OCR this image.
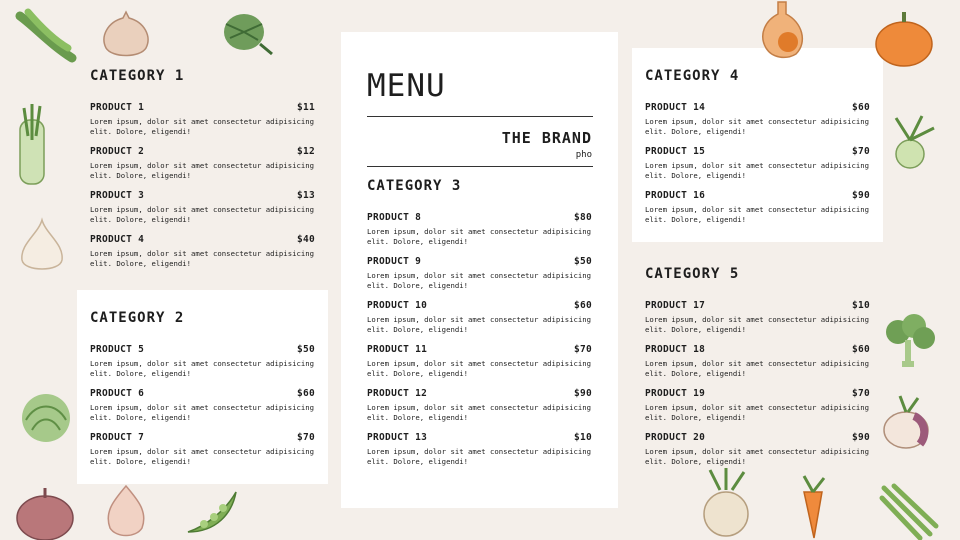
MENU
THE BRAND
pho
CATEGORY 1
PRODUCT 1	$11
Lorem ipsum, dolor sit amet consectetur adipisicing elit. Dolore, eligendi!
PRODUCT 2	$12
Lorem ipsum, dolor sit amet consectetur adipisicing elit. Dolore, eligendi!
PRODUCT 3	$13
Lorem ipsum, dolor sit amet consectetur adipisicing elit. Dolore, eligendi!
PRODUCT 4	$40
Lorem ipsum, dolor sit amet consectetur adipisicing elit. Dolore, eligendi!
CATEGORY 2
PRODUCT 5	$50
Lorem ipsum, dolor sit amet consectetur adipisicing elit. Dolore, eligendi!
PRODUCT 6	$60
Lorem ipsum, dolor sit amet consectetur adipisicing elit. Dolore, eligendi!
PRODUCT 7	$70
Lorem ipsum, dolor sit amet consectetur adipisicing elit. Dolore, eligendi!
CATEGORY 3
PRODUCT 8	$80
Lorem ipsum, dolor sit amet consectetur adipisicing elit. Dolore, eligendi!
PRODUCT 9	$50
Lorem ipsum, dolor sit amet consectetur adipisicing elit. Dolore, eligendi!
PRODUCT 10	$60
Lorem ipsum, dolor sit amet consectetur adipisicing elit. Dolore, eligendi!
PRODUCT 11	$70
Lorem ipsum, dolor sit amet consectetur adipisicing elit. Dolore, eligendi!
PRODUCT 12	$90
Lorem ipsum, dolor sit amet consectetur adipisicing elit. Dolore, eligendi!
PRODUCT 13	$10
Lorem ipsum, dolor sit amet consectetur adipisicing elit. Dolore, eligendi!
CATEGORY 4
PRODUCT 14	$60
Lorem ipsum, dolor sit amet consectetur adipisicing elit. Dolore, eligendi!
PRODUCT 15	$70
Lorem ipsum, dolor sit amet consectetur adipisicing elit. Dolore, eligendi!
PRODUCT 16	$90
Lorem ipsum, dolor sit amet consectetur adipisicing elit. Dolore, eligendi!
CATEGORY 5
PRODUCT 17	$10
Lorem ipsum, dolor sit amet consectetur adipisicing elit. Dolore, eligendi!
PRODUCT 18	$60
Lorem ipsum, dolor sit amet consectetur adipisicing elit. Dolore, eligendi!
PRODUCT 19	$70
Lorem ipsum, dolor sit amet consectetur adipisicing elit. Dolore, eligendi!
PRODUCT 20	$90
Lorem ipsum, dolor sit amet consectetur adipisicing elit. Dolore, eligendi!
